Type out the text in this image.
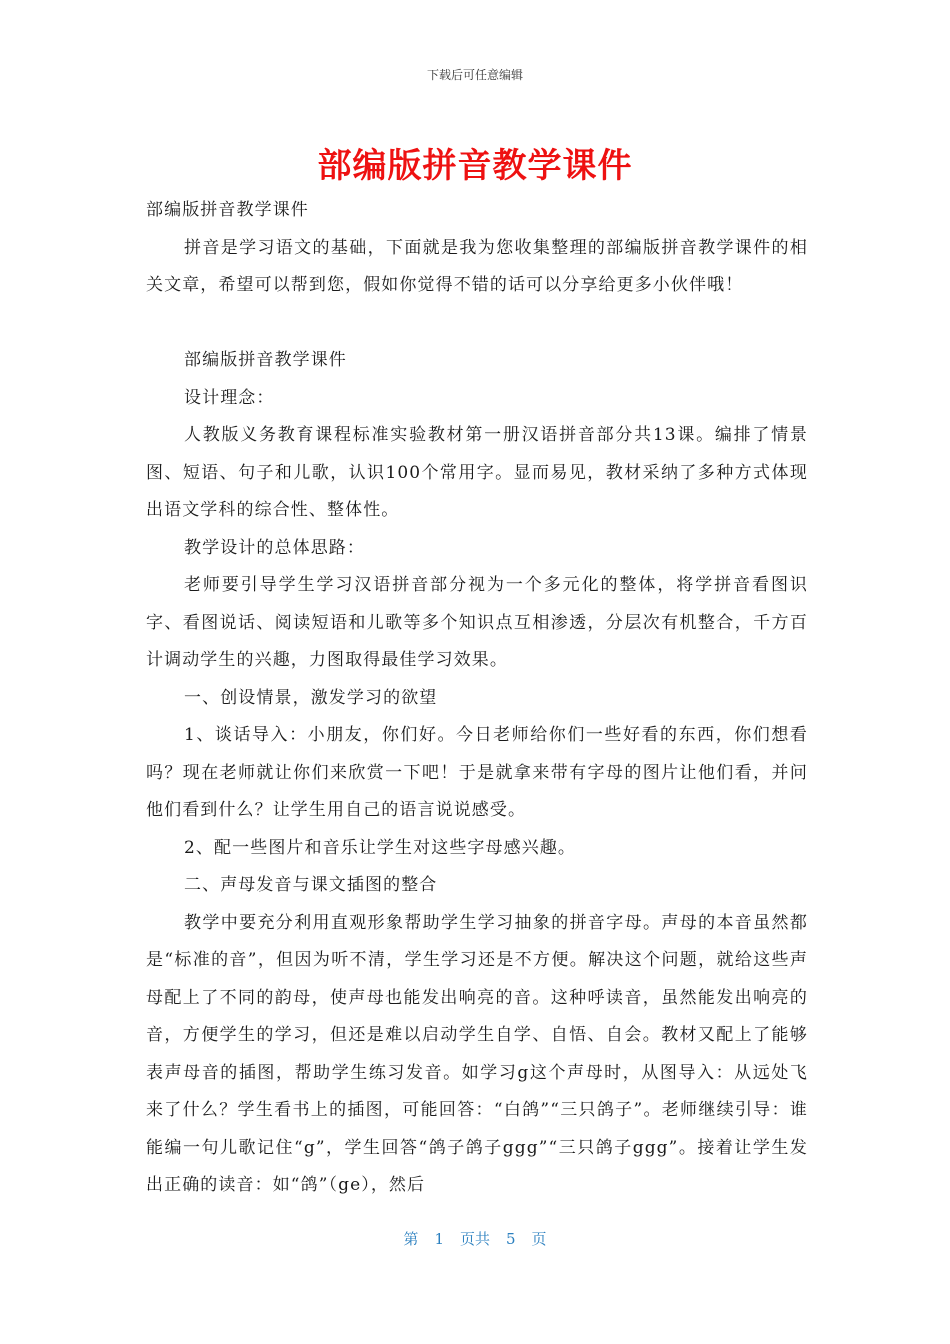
下载后可任意编辑
部编版拼音教学课件

部编版拼音教学课件

拼音是学习语文的基础，下面就是我为您收集整理的部编版拼音教学课件的相关文章，希望可以帮到您，假如你觉得不错的话可以分享给更多小伙伴哦！

部编版拼音教学课件

设计理念：

人教版义务教育课程标准实验教材第一册汉语拼音部分共13课。编排了情景图、短语、句子和儿歌，认识100个常用字。显而易见，教材采纳了多种方式体现出语文学科的综合性、整体性。

教学设计的总体思路：

老师要引导学生学习汉语拼音部分视为一个多元化的整体，将学拼音看图识字、看图说话、阅读短语和儿歌等多个知识点互相渗透，分层次有机整合，千方百计调动学生的兴趣，力图取得最佳学习效果。

一、创设情景，激发学习的欲望

1、谈话导入：小朋友，你们好。今日老师给你们一些好看的东西，你们想看吗？现在老师就让你们来欣赏一下吧！于是就拿来带有字母的图片让他们看，并问他们看到什么？让学生用自己的语言说说感受。

2、配一些图片和音乐让学生对这些字母感兴趣。

二、声母发音与课文插图的整合

教学中要充分利用直观形象帮助学生学习抽象的拼音字母。声母的本音虽然都是“标准的音”，但因为听不清，学生学习还是不方便。解决这个问题，就给这些声母配上了不同的韵母，使声母也能发出响亮的音。这种呼读音，虽然能发出响亮的音，方便学生的学习，但还是难以启动学生自学、自悟、自会。教材又配上了能够表声母音的插图，帮助学生练习发音。如学习g这个声母时，从图导入：从远处飞来了什么？学生看书上的插图，可能回答：“白鸽”“三只鸽子”。老师继续引导：谁能编一句儿歌记住“g”，学生回答“鸽子鸽子ggg”“三只鸽子ggg”。接着让学生发出正确的读音：如“鸽”（ge），然后

第 1 页共 5 页
